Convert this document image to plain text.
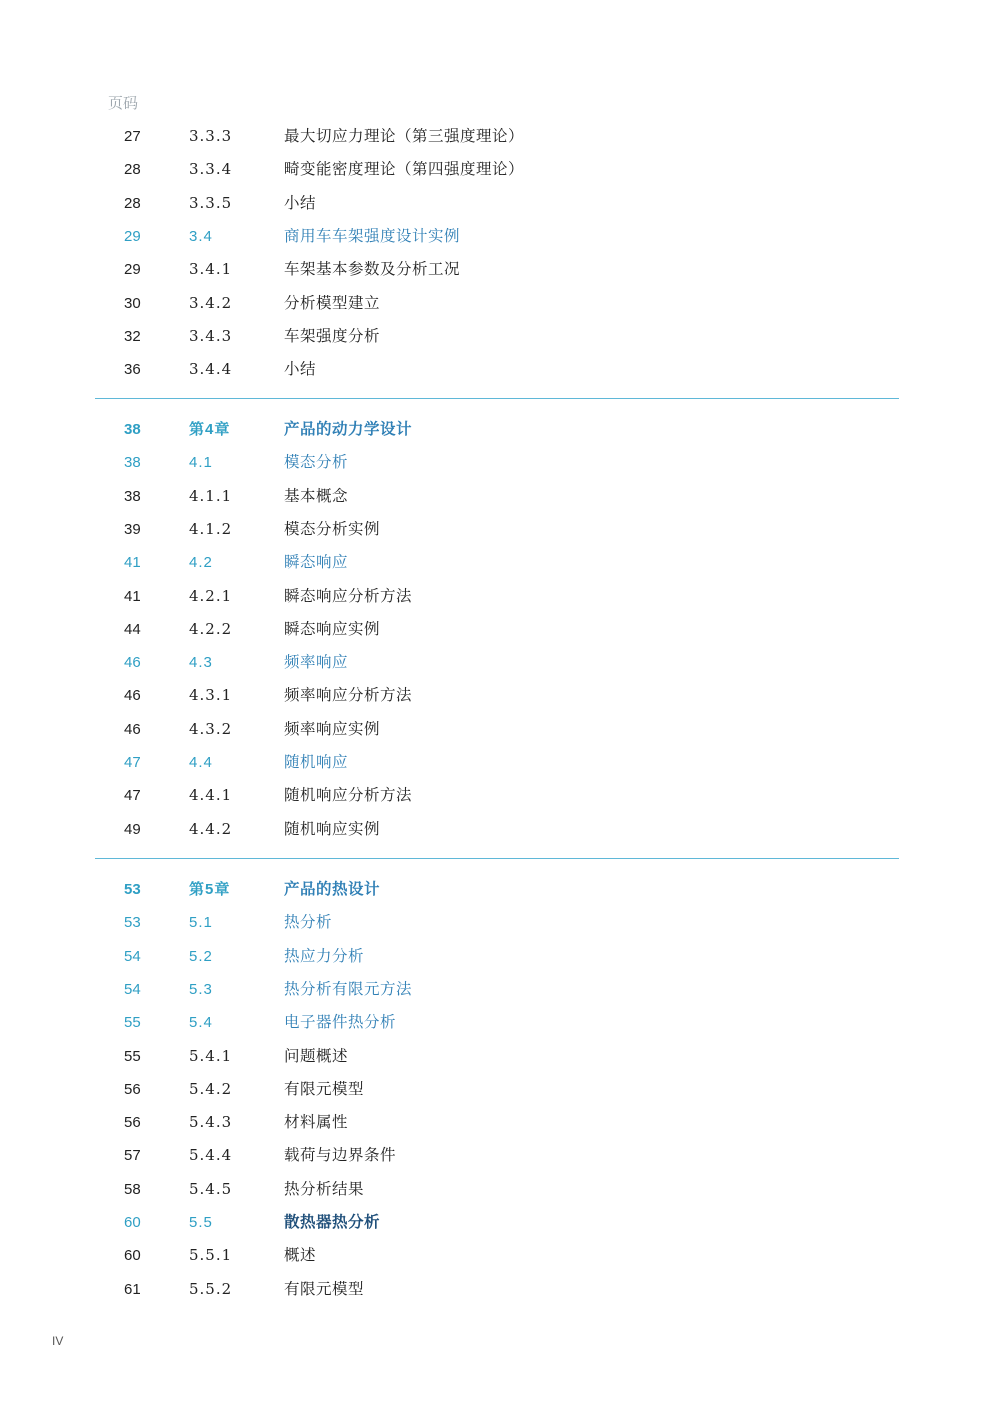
页码
27	3.3.3	最大切应力理论（第三强度理论）
28	3.3.4	畸变能密度理论（第四强度理论）
28	3.3.5	小结
29	3.4	商用车车架强度设计实例
29	3.4.1	车架基本参数及分析工况
30	3.4.2	分析模型建立
32	3.4.3	车架强度分析
36	3.4.4	小结
38	第4章	产品的动力学设计
38	4.1	模态分析
38	4.1.1	基本概念
39	4.1.2	模态分析实例
41	4.2	瞬态响应
41	4.2.1	瞬态响应分析方法
44	4.2.2	瞬态响应实例
46	4.3	频率响应
46	4.3.1	频率响应分析方法
46	4.3.2	频率响应实例
47	4.4	随机响应
47	4.4.1	随机响应分析方法
49	4.4.2	随机响应实例
53	第5章	产品的热设计
53	5.1	热分析
54	5.2	热应力分析
54	5.3	热分析有限元方法
55	5.4	电子器件热分析
55	5.4.1	问题概述
56	5.4.2	有限元模型
56	5.4.3	材料属性
57	5.4.4	载荷与边界条件
58	5.4.5	热分析结果
60	5.5	散热器热分析
60	5.5.1	概述
61	5.5.2	有限元模型
IV
